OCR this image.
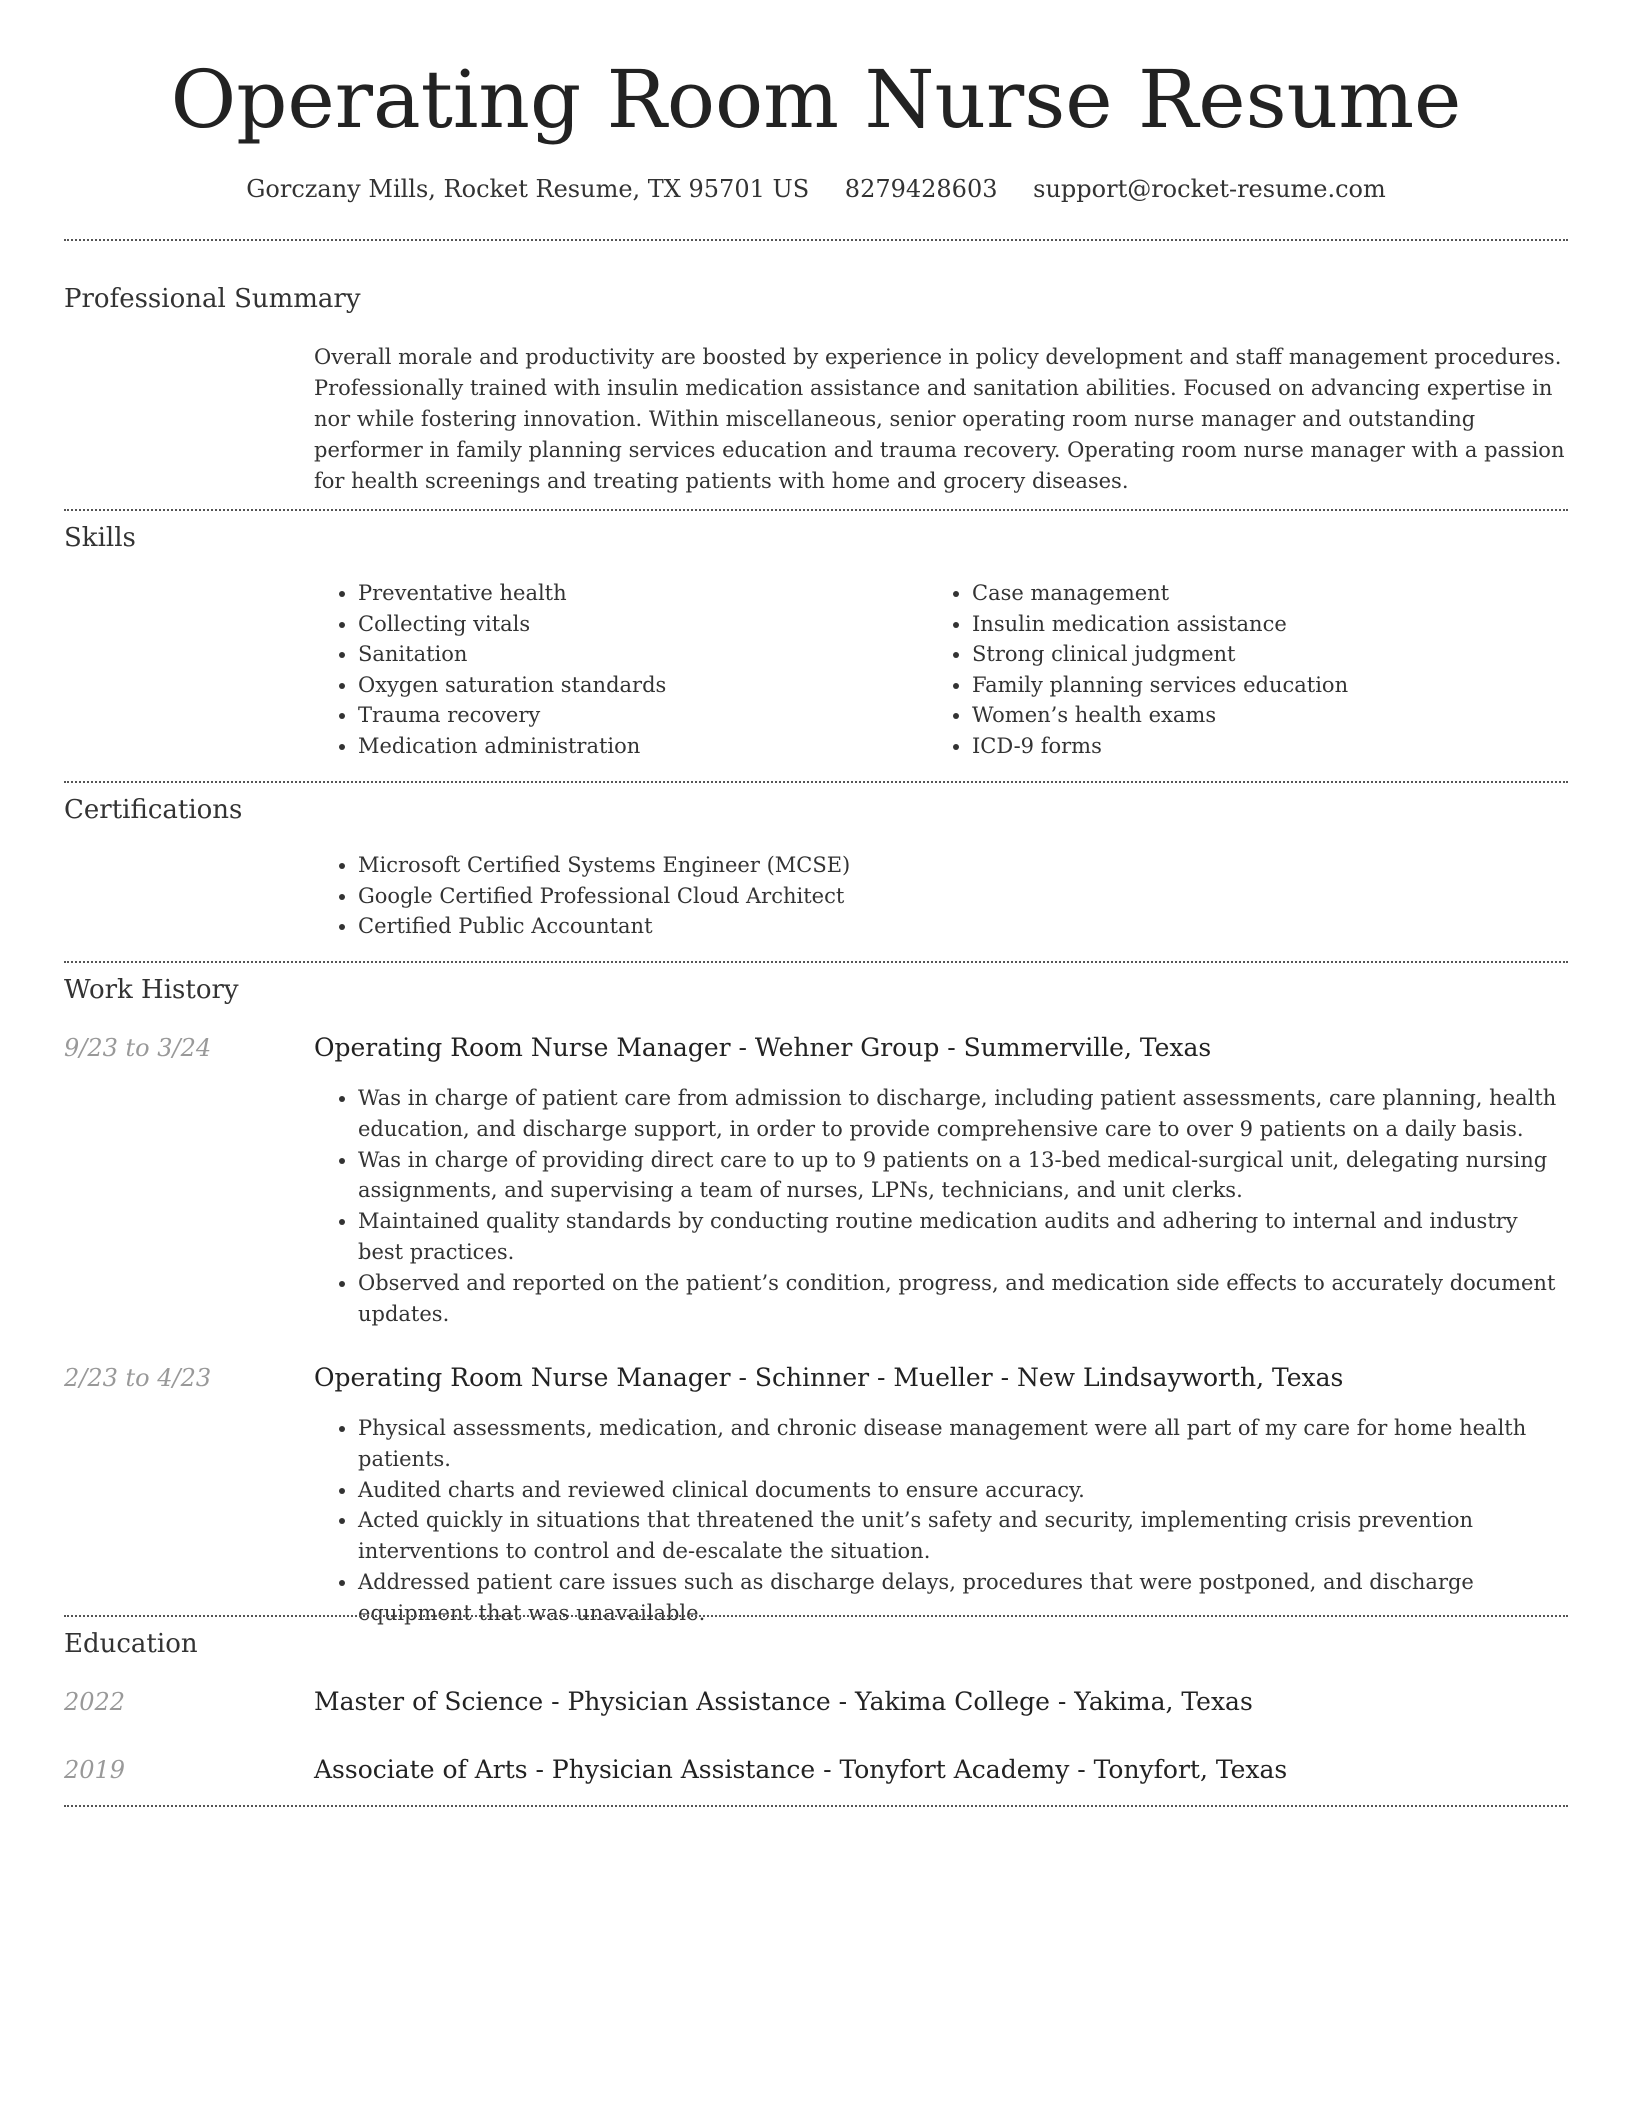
Operating Room Nurse Resume
Gorczany Mills, Rocket Resume, TX 95701 US 8279428603 support@rocket-resume.com
Professional Summary

Overall morale and productivity are boosted by experience in policy development and staff management procedures. Professionally trained with insulin medication assistance and sanitation abilities. Focused on advancing expertise in nor while fostering innovation. Within miscellaneous, senior operating room nurse manager and outstanding performer in family planning services education and trauma recovery. Operating room nurse manager with a passion for health screenings and treating patients with home and grocery diseases.

Skills
• Preventative health
• Collecting vitals
• Sanitation
• Oxygen saturation standards
• Trauma recovery
• Medication administration
• Case management
• Insulin medication assistance
• Strong clinical judgment
• Family planning services education
• Women’s health exams
• ICD-9 forms
Certifications
• Microsoft Certified Systems Engineer (MCSE)
• Google Certified Professional Cloud Architect
• Certified Public Accountant
Work History
9/23 to 3/24	Operating Room Nurse Manager - Wehner Group - Summerville, Texas
• Was in charge of patient care from admission to discharge, including patient assessments, care planning, health education, and discharge support, in order to provide comprehensive care to over 9 patients on a daily basis.
• Was in charge of providing direct care to up to 9 patients on a 13-bed medical-surgical unit, delegating nursing assignments, and supervising a team of nurses, LPNs, technicians, and unit clerks.
• Maintained quality standards by conducting routine medication audits and adhering to internal and industry best practices.
• Observed and reported on the patient’s condition, progress, and medication side effects to accurately document updates.
2/23 to 4/23	Operating Room Nurse Manager - Schinner - Mueller - New Lindsayworth, Texas
• Physical assessments, medication, and chronic disease management were all part of my care for home health patients.
• Audited charts and reviewed clinical documents to ensure accuracy.
• Acted quickly in situations that threatened the unit’s safety and security, implementing crisis prevention interventions to control and de-escalate the situation.
• Addressed patient care issues such as discharge delays, procedures that were postponed, and discharge equipment that was unavailable.
Education
2022	Master of Science - Physician Assistance - Yakima College - Yakima, Texas
2019	Associate of Arts - Physician Assistance - Tonyfort Academy - Tonyfort, Texas
